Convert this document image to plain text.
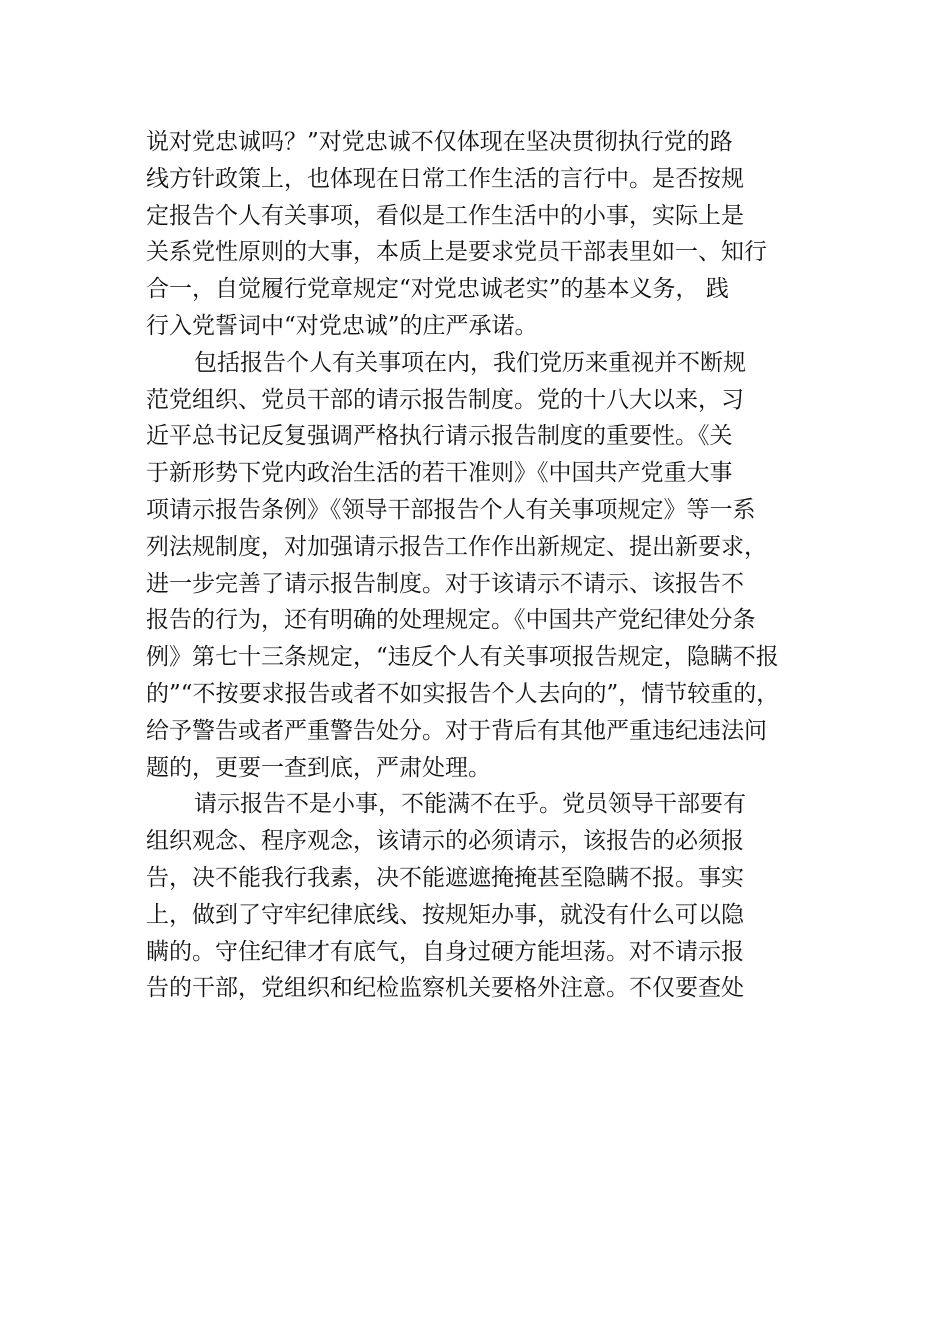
说对党忠诚吗？”对党忠诚不仅体现在坚决贯彻执行党的路
线方针政策上，也体现在日常工作生活的言行中。是否按规
定报告个人有关事项，看似是工作生活中的小事，实际上是
关系党性原则的大事，本质上是要求党员干部表里如一、知行
合一，自觉履行党章规定“对党忠诚老实”的基本义务， 践
行入党誓词中“对党忠诚”的庄严承诺。
包括报告个人有关事项在内，我们党历来重视并不断规
范党组织、党员干部的请示报告制度。党的十八大以来，习
近平总书记反复强调严格执行请示报告制度的重要性。《关
于新形势下党内政治生活的若干准则》《中国共产党重大事
项请示报告条例》《领导干部报告个人有关事项规定》等一系
列法规制度，对加强请示报告工作作出新规定、提出新要求，
进一步完善了请示报告制度。对于该请示不请示、该报告不
报告的行为，还有明确的处理规定。《中国共产党纪律处分条
例》第七十三条规定，“违反个人有关事项报告规定，隐瞒不报
的”“不按要求报告或者不如实报告个人去向的”，情节较重的，
给予警告或者严重警告处分。对于背后有其他严重违纪违法问
题的，更要一查到底，严肃处理。
请示报告不是小事，不能满不在乎。党员领导干部要有
组织观念、程序观念，该请示的必须请示，该报告的必须报
告，决不能我行我素，决不能遮遮掩掩甚至隐瞒不报。事实
上，做到了守牢纪律底线、按规矩办事，就没有什么可以隐
瞒的。守住纪律才有底气，自身过硬方能坦荡。对不请示报
告的干部，党组织和纪检监察机关要格外注意。不仅要查处
